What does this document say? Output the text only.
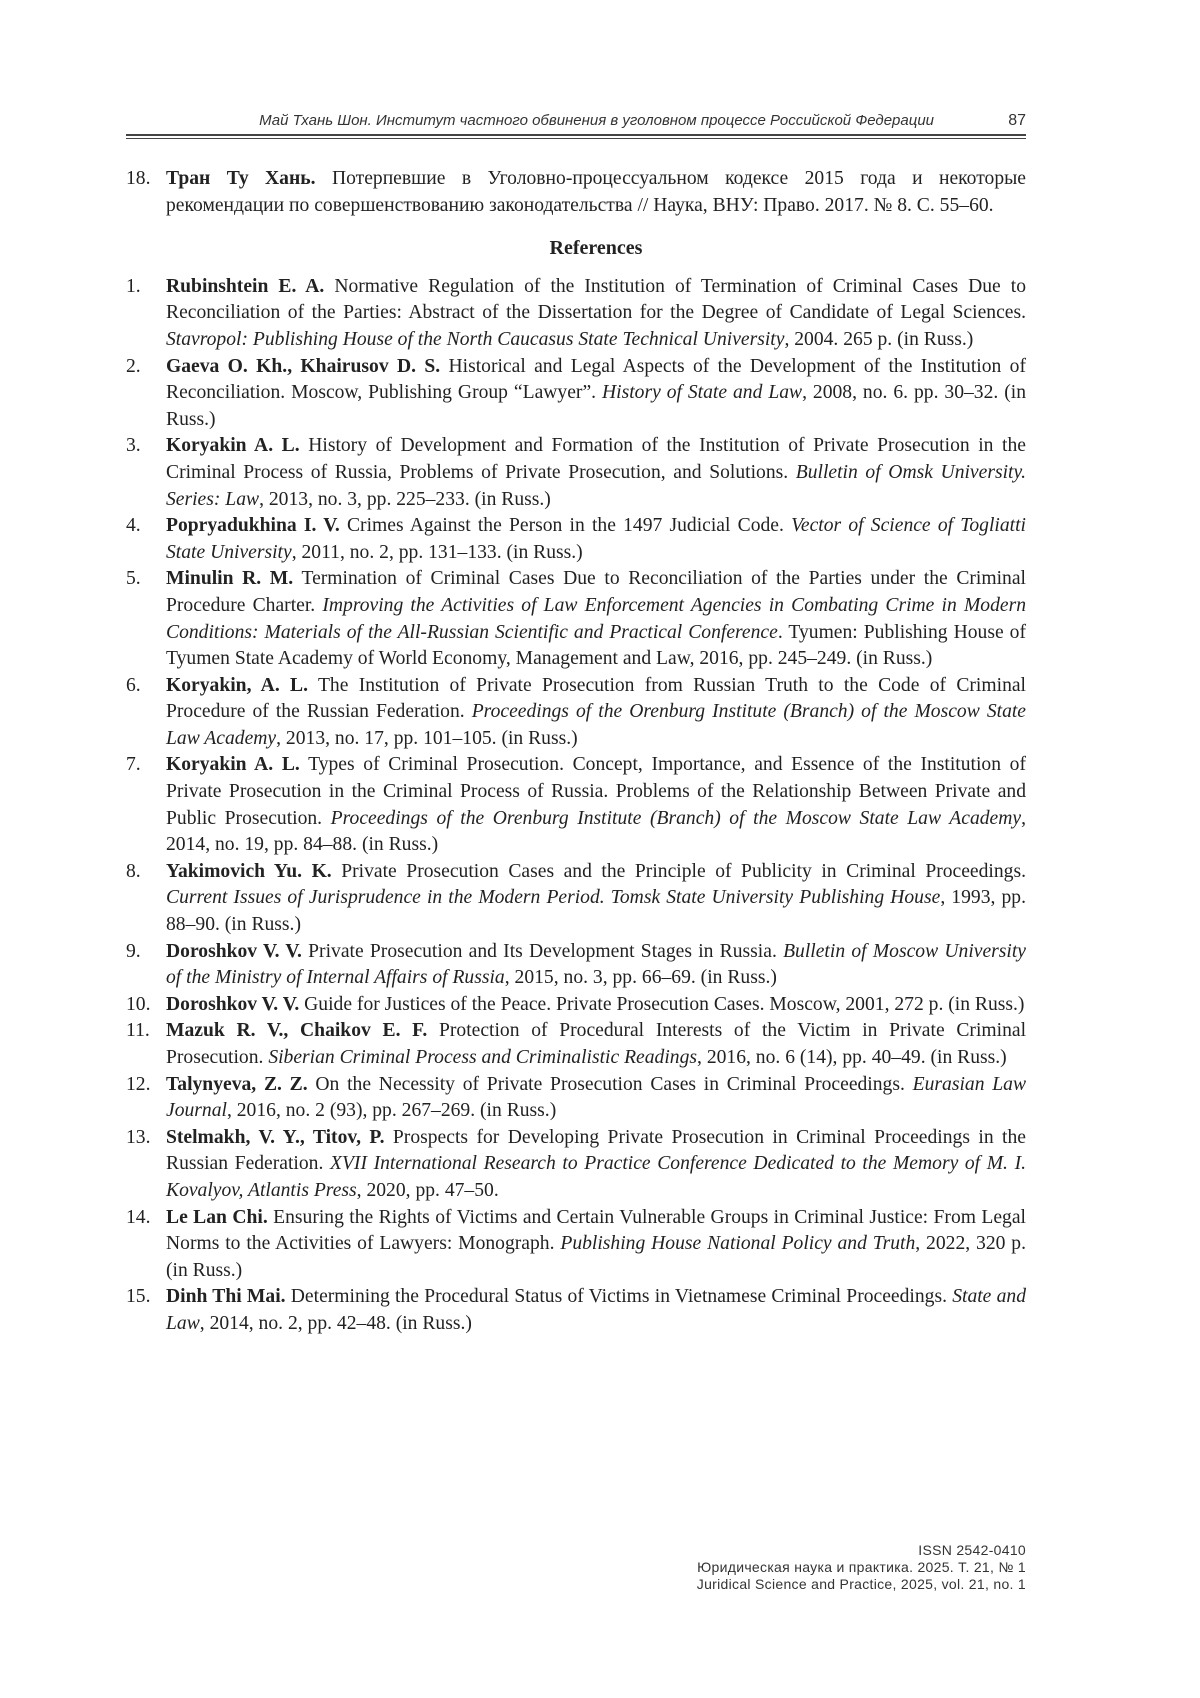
Май Тхань Шон. Институт частного обвинения в уголовном процессе Российской Федерации	87
18. Тран Ту Хань. Потерпевшие в Уголовно-процессуальном кодексе 2015 года и некоторые рекомендации по совершенствованию законодательства // Наука, ВНУ: Право. 2017. № 8. С. 55–60.
References
1.	Rubinshtein E. A. Normative Regulation of the Institution of Termination of Criminal Cases Due to Reconciliation of the Parties: Abstract of the Dissertation for the Degree of Candidate of Legal Sciences. Stavropol: Publishing House of the North Caucasus State Technical University, 2004. 265 p. (in Russ.)
2.	Gaeva O. Kh., Khairusov D. S. Historical and Legal Aspects of the Development of the Institution of Reconciliation. Moscow, Publishing Group “Lawyer”. History of State and Law, 2008, no. 6. pp. 30–32. (in Russ.)
3.	Koryakin A. L. History of Development and Formation of the Institution of Private Prosecution in the Criminal Process of Russia, Problems of Private Prosecution, and Solutions. Bulletin of Omsk University. Series: Law, 2013, no. 3, pp. 225–233. (in Russ.)
4.	Popryadukhina I. V. Crimes Against the Person in the 1497 Judicial Code. Vector of Science of Togliatti State University, 2011, no. 2, pp. 131–133. (in Russ.)
5.	Minulin R. M. Termination of Criminal Cases Due to Reconciliation of the Parties under the Criminal Procedure Charter. Improving the Activities of Law Enforcement Agencies in Combating Crime in Modern Conditions: Materials of the All-Russian Scientific and Practical Conference. Tyumen: Publishing House of Tyumen State Academy of World Economy, Management and Law, 2016, pp. 245–249. (in Russ.)
6.	Koryakin, A. L. The Institution of Private Prosecution from Russian Truth to the Code of Criminal Procedure of the Russian Federation. Proceedings of the Orenburg Institute (Branch) of the Moscow State Law Academy, 2013, no. 17, pp. 101–105. (in Russ.)
7.	Koryakin A. L. Types of Criminal Prosecution. Concept, Importance, and Essence of the Institution of Private Prosecution in the Criminal Process of Russia. Problems of the Relationship Between Private and Public Prosecution. Proceedings of the Orenburg Institute (Branch) of the Moscow State Law Academy, 2014, no. 19, pp. 84–88. (in Russ.)
8.	Yakimovich Yu. K. Private Prosecution Cases and the Principle of Publicity in Criminal Proceedings. Current Issues of Jurisprudence in the Modern Period. Tomsk State University Publishing House, 1993, pp. 88–90. (in Russ.)
9.	Doroshkov V. V. Private Prosecution and Its Development Stages in Russia. Bulletin of Moscow University of the Ministry of Internal Affairs of Russia, 2015, no. 3, pp. 66–69. (in Russ.)
10. Doroshkov V. V. Guide for Justices of the Peace. Private Prosecution Cases. Moscow, 2001, 272 p. (in Russ.)
11. Mazuk R. V., Chaikov E. F. Protection of Procedural Interests of the Victim in Private Criminal Prosecution. Siberian Criminal Process and Criminalistic Readings, 2016, no. 6 (14), pp. 40–49. (in Russ.)
12. Talynyeva, Z. Z. On the Necessity of Private Prosecution Cases in Criminal Proceedings. Eurasian Law Journal, 2016, no. 2 (93), pp. 267–269. (in Russ.)
13. Stelmakh, V. Y., Titov, P. Prospects for Developing Private Prosecution in Criminal Proceedings in the Russian Federation. XVII International Research to Practice Conference Dedicated to the Memory of M. I. Kovalyov, Atlantis Press, 2020, pp. 47–50.
14. Le Lan Chi. Ensuring the Rights of Victims and Certain Vulnerable Groups in Criminal Justice: From Legal Norms to the Activities of Lawyers: Monograph. Publishing House National Policy and Truth, 2022, 320 p. (in Russ.)
15. Dinh Thi Mai. Determining the Procedural Status of Victims in Vietnamese Criminal Proceedings. State and Law, 2014, no. 2, pp. 42–48. (in Russ.)
ISSN 2542-0410
Юридическая наука и практика. 2025. Т. 21, № 1
Juridical Science and Practice, 2025, vol. 21, no. 1
